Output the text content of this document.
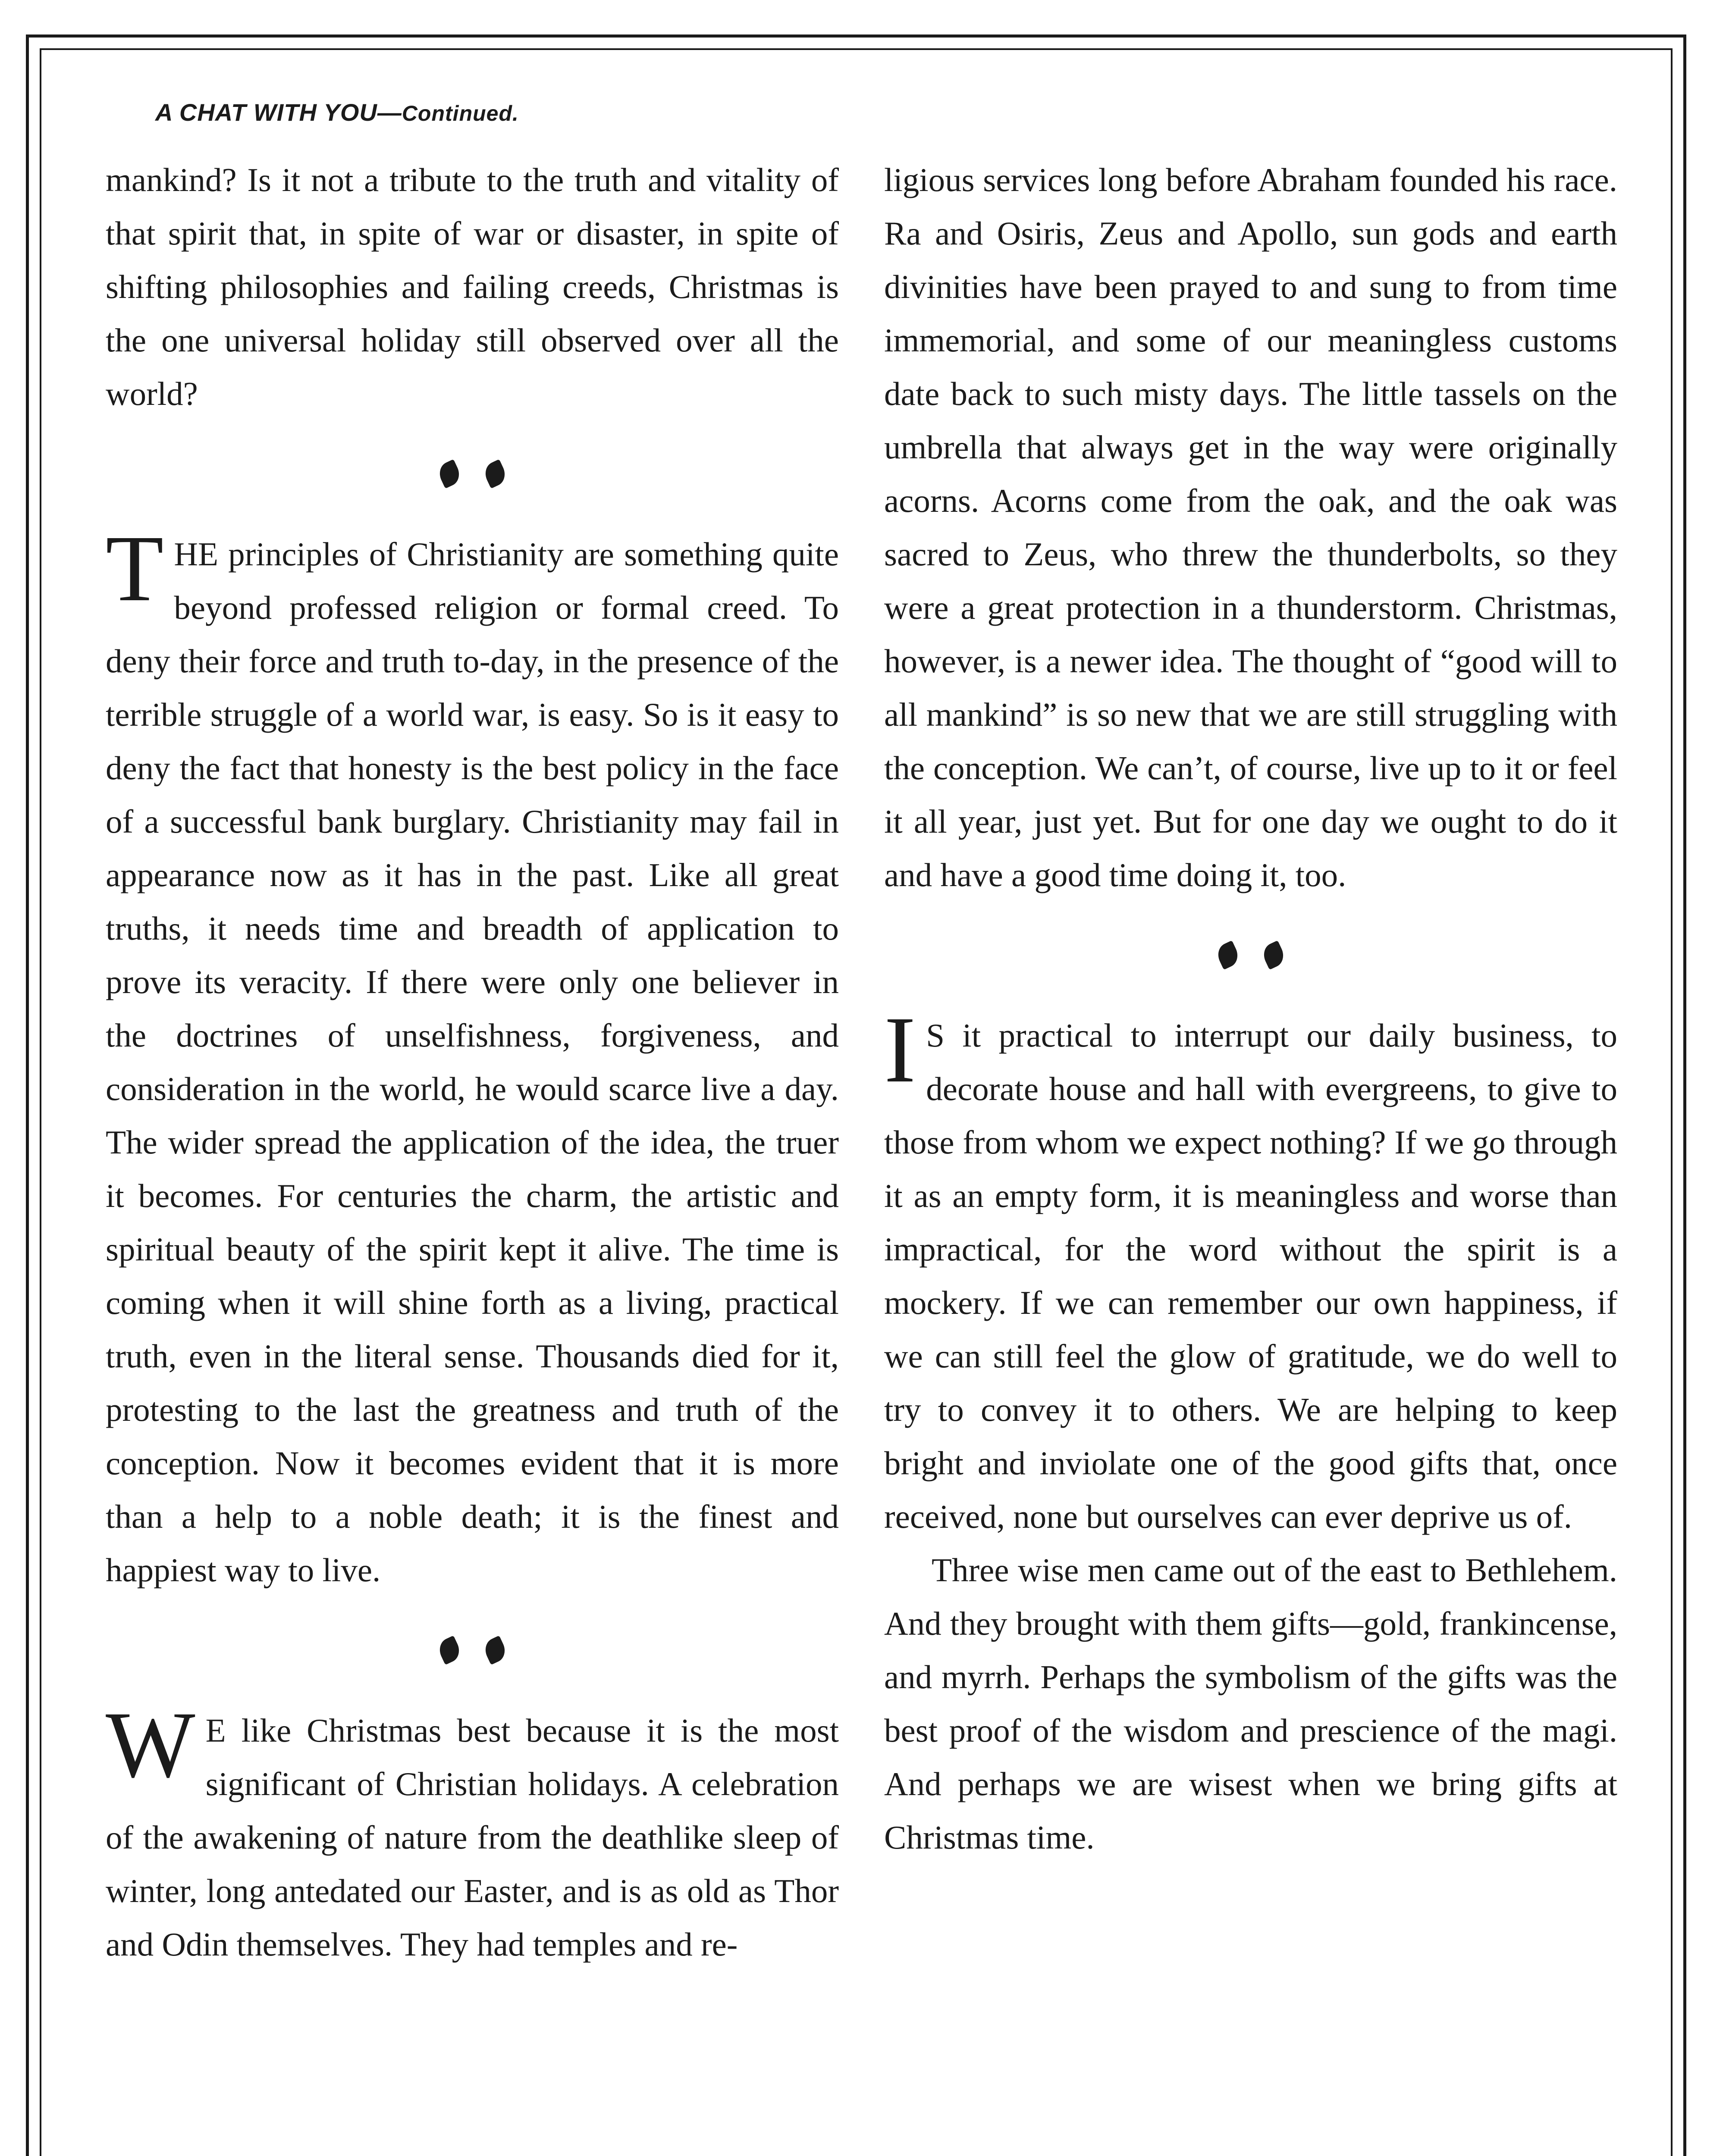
A CHAT WITH YOU—Continued.

mankind? Is it not a tribute to the truth and vitality of that spirit that, in spite of war or disaster, in spite of shifting philosophies and failing creeds, Christmas is the one universal holiday still observed over all the world?

THE principles of Christianity are something quite beyond professed religion or formal creed. To deny their force and truth to-day, in the presence of the terrible struggle of a world war, is easy. So is it easy to deny the fact that honesty is the best policy in the face of a successful bank burglary. Christianity may fail in appearance now as it has in the past. Like all great truths, it needs time and breadth of application to prove its veracity. If there were only one believer in the doctrines of unselfishness, forgiveness, and consideration in the world, he would scarce live a day. The wider spread the application of the idea, the truer it becomes. For centuries the charm, the artistic and spiritual beauty of the spirit kept it alive. The time is coming when it will shine forth as a living, practical truth, even in the literal sense. Thousands died for it, protesting to the last the greatness and truth of the conception. Now it becomes evident that it is more than a help to a noble death; it is the finest and happiest way to live.

W E like Christmas best because it is the most significant of Christian holidays. A celebration of the awakening of nature from the deathlike sleep of winter, long antedated our Easter, and is as old as Thor and Odin themselves. They had temples and re-

ligious services long before Abraham founded his race. Ra and Osiris, Zeus and Apollo, sun gods and earth divinities have been prayed to and sung to from time immemorial, and some of our meaningless customs date back to such misty days. The little tassels on the umbrella that always get in the way were originally acorns. Acorns come from the oak, and the oak was sacred to Zeus, who threw the thunderbolts, so they were a great protection in a thunderstorm. Christmas, however, is a newer idea. The thought of “good will to all mankind” is so new that we are still struggling with the conception. We can’t, of course, live up to it or feel it all year, just yet. But for one day we ought to do it and have a good time doing it, too.

I S it practical to interrupt our daily business, to decorate house and hall with evergreens, to give to those from whom we expect nothing? If we go through it as an empty form, it is meaningless and worse than impractical, for the word without the spirit is a mockery. If we can remember our own happiness, if we can still feel the glow of gratitude, we do well to try to convey it to others. We are helping to keep bright and inviolate one of the good gifts that, once received, none but ourselves can ever deprive us of.

Three wise men came out of the east to Bethlehem. And they brought with them gifts—gold, frankincense, and myrrh. Perhaps the symbolism of the gifts was the best proof of the wisdom and prescience of the magi. And perhaps we are wisest when we bring gifts at Christmas time.
